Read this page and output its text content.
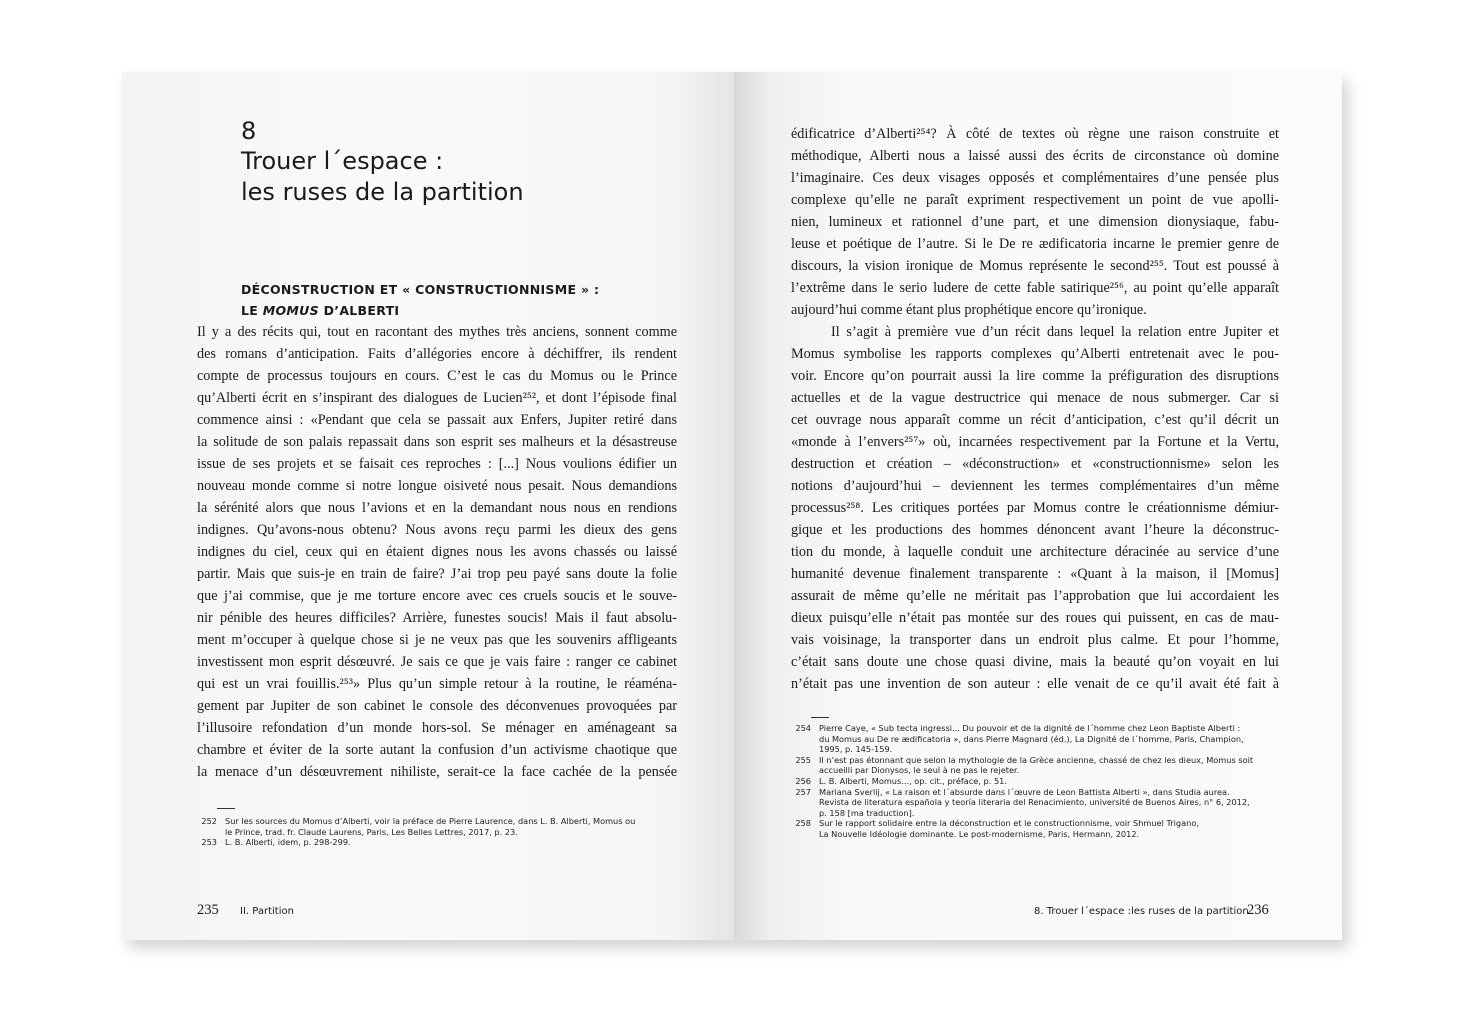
8
Trouer l´espace :
les ruses de la partition
DÉCONSTRUCTION ET « CONSTRUCTIONNISME » :
LE MOMUS D’ALBERTI
Il y a des récits qui, tout en racontant des mythes très anciens, sonnent comme
des romans d’anticipation. Faits d’allégories encore à déchiffrer, ils rendent
compte de processus toujours en cours. C’est le cas du Momus ou le Prince
qu’Alberti écrit en s’inspirant des dialogues de Lucien²⁵², et dont l’épisode final
commence ainsi : «Pendant que cela se passait aux Enfers, Jupiter retiré dans
la solitude de son palais repassait dans son esprit ses malheurs et la désastreuse
issue de ses projets et se faisait ces reproches : [...] Nous voulions édifier un
nouveau monde comme si notre longue oisiveté nous pesait. Nous demandions
la sérénité alors que nous l’avions et en la demandant nous nous en rendions
indignes. Qu’avons-nous obtenu? Nous avons reçu parmi les dieux des gens
indignes du ciel, ceux qui en étaient dignes nous les avons chassés ou laissé
partir. Mais que suis-je en train de faire? J’ai trop peu payé sans doute la folie
que j’ai commise, que je me torture encore avec ces cruels soucis et le souve-
nir pénible des heures difficiles? Arrière, funestes soucis! Mais il faut absolu-
ment m’occuper à quelque chose si je ne veux pas que les souvenirs affligeants
investissent mon esprit désœuvré. Je sais ce que je vais faire : ranger ce cabinet
qui est un vrai fouillis.²⁵³» Plus qu’un simple retour à la routine, le réaména-
gement par Jupiter de son cabinet le console des déconvenues provoquées par
l’illusoire refondation d’un monde hors-sol. Se ménager en aménageant sa
chambre et éviter de la sorte autant la confusion d’un activisme chaotique que
la menace d’un désœuvrement nihiliste, serait-ce la face cachée de la pensée
252 Sur les sources du Momus d’Alberti, voir la préface de Pierre Laurence, dans L. B. Alberti, Momus ou
le Prince, trad. fr. Claude Laurens, Paris, Les Belles Lettres, 2017, p. 23.
253 L. B. Alberti, idem, p. 298-299.
235 II. Partition
édificatrice d’Alberti²⁵⁴? À côté de textes où règne une raison construite et
méthodique, Alberti nous a laissé aussi des écrits de circonstance où domine
l’imaginaire. Ces deux visages opposés et complémentaires d’une pensée plus
complexe qu’elle ne paraît expriment respectivement un point de vue apolli-
nien, lumineux et rationnel d’une part, et une dimension dionysiaque, fabu-
leuse et poétique de l’autre. Si le De re ædificatoria incarne le premier genre de
discours, la vision ironique de Momus représente le second²⁵⁵. Tout est poussé à
l’extrême dans le serio ludere de cette fable satirique²⁵⁶, au point qu’elle apparaît
aujourd’hui comme étant plus prophétique encore qu’ironique.
Il s’agit à première vue d’un récit dans lequel la relation entre Jupiter et
Momus symbolise les rapports complexes qu’Alberti entretenait avec le pou-
voir. Encore qu’on pourrait aussi la lire comme la préfiguration des disruptions
actuelles et de la vague destructrice qui menace de nous submerger. Car si
cet ouvrage nous apparaît comme un récit d’anticipation, c’est qu’il décrit un
«monde à l’envers²⁵⁷» où, incarnées respectivement par la Fortune et la Vertu,
destruction et création – «déconstruction» et «constructionnisme» selon les
notions d’aujourd’hui – deviennent les termes complémentaires d’un même
processus²⁵⁸. Les critiques portées par Momus contre le créationnisme démiur-
gique et les productions des hommes dénoncent avant l’heure la déconstruc-
tion du monde, à laquelle conduit une architecture déracinée au service d’une
humanité devenue finalement transparente : «Quant à la maison, il [Momus]
assurait de même qu’elle ne méritait pas l’approbation que lui accordaient les
dieux puisqu’elle n’était pas montée sur des roues qui puissent, en cas de mau-
vais voisinage, la transporter dans un endroit plus calme. Et pour l’homme,
c’était sans doute une chose quasi divine, mais la beauté qu’on voyait en lui
n’était pas une invention de son auteur : elle venait de ce qu’il avait été fait à
254 Pierre Caye, « Sub tecta ingressi... Du pouvoir et de la dignité de l´homme chez Leon Baptiste Alberti :
du Momus au De re ædificatoria », dans Pierre Magnard (éd.), La Dignité de l´homme, Paris, Champion,
1995, p. 145-159.
255 Il n’est pas étonnant que selon la mythologie de la Grèce ancienne, chassé de chez les dieux, Momus soit
accueilli par Dionysos, le seul à ne pas le rejeter.
256 L. B. Alberti, Momus..., op. cit., préface, p. 51.
257 Mariana Sverlij, « La raison et l´absurde dans l´œuvre de Leon Battista Alberti », dans Studia aurea.
Revista de literatura española y teoría literaria del Renacimiento, université de Buenos Aires, n° 6, 2012,
p. 158 [ma traduction].
258 Sur le rapport solidaire entre la déconstruction et le constructionnisme, voir Shmuel Trigano,
La Nouvelle Idéologie dominante. Le post-modernisme, Paris, Hermann, 2012.
8. Trouer l´espace :les ruses de la partition
236
